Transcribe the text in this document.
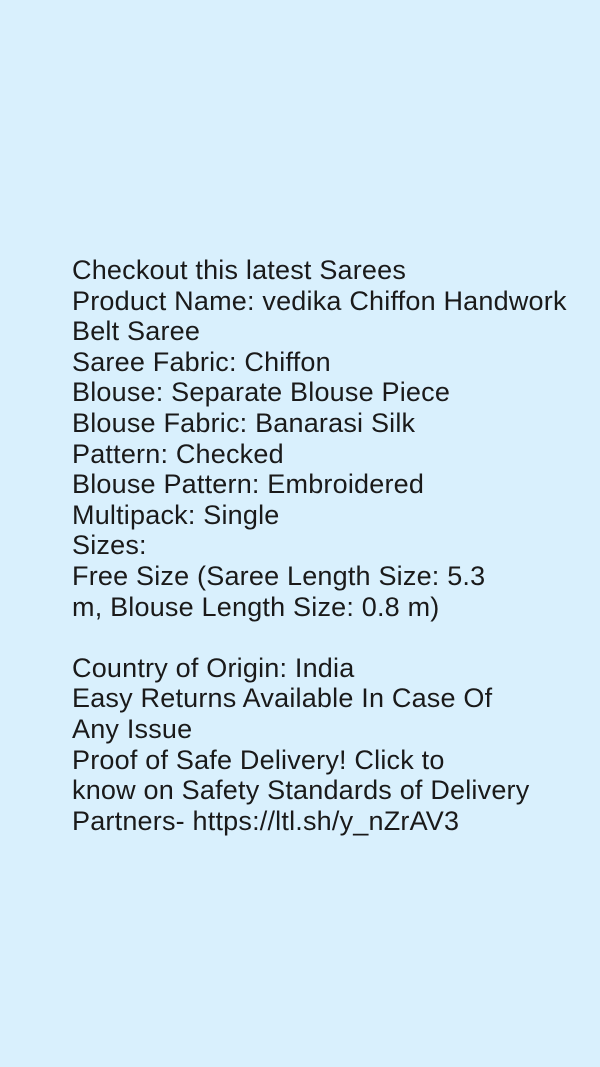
Checkout this latest Sarees
Product Name: vedika Chiffon Handwork
Belt Saree
Saree Fabric: Chiffon
Blouse: Separate Blouse Piece
Blouse Fabric: Banarasi Silk
Pattern: Checked
Blouse Pattern: Embroidered
Multipack: Single
Sizes:
Free Size (Saree Length Size: 5.3
m, Blouse Length Size: 0.8 m)
Country of Origin: India
Easy Returns Available In Case Of
Any Issue
Proof of Safe Delivery! Click to
know on Safety Standards of Delivery
Partners- https://ltl.sh/y_nZrAV3
